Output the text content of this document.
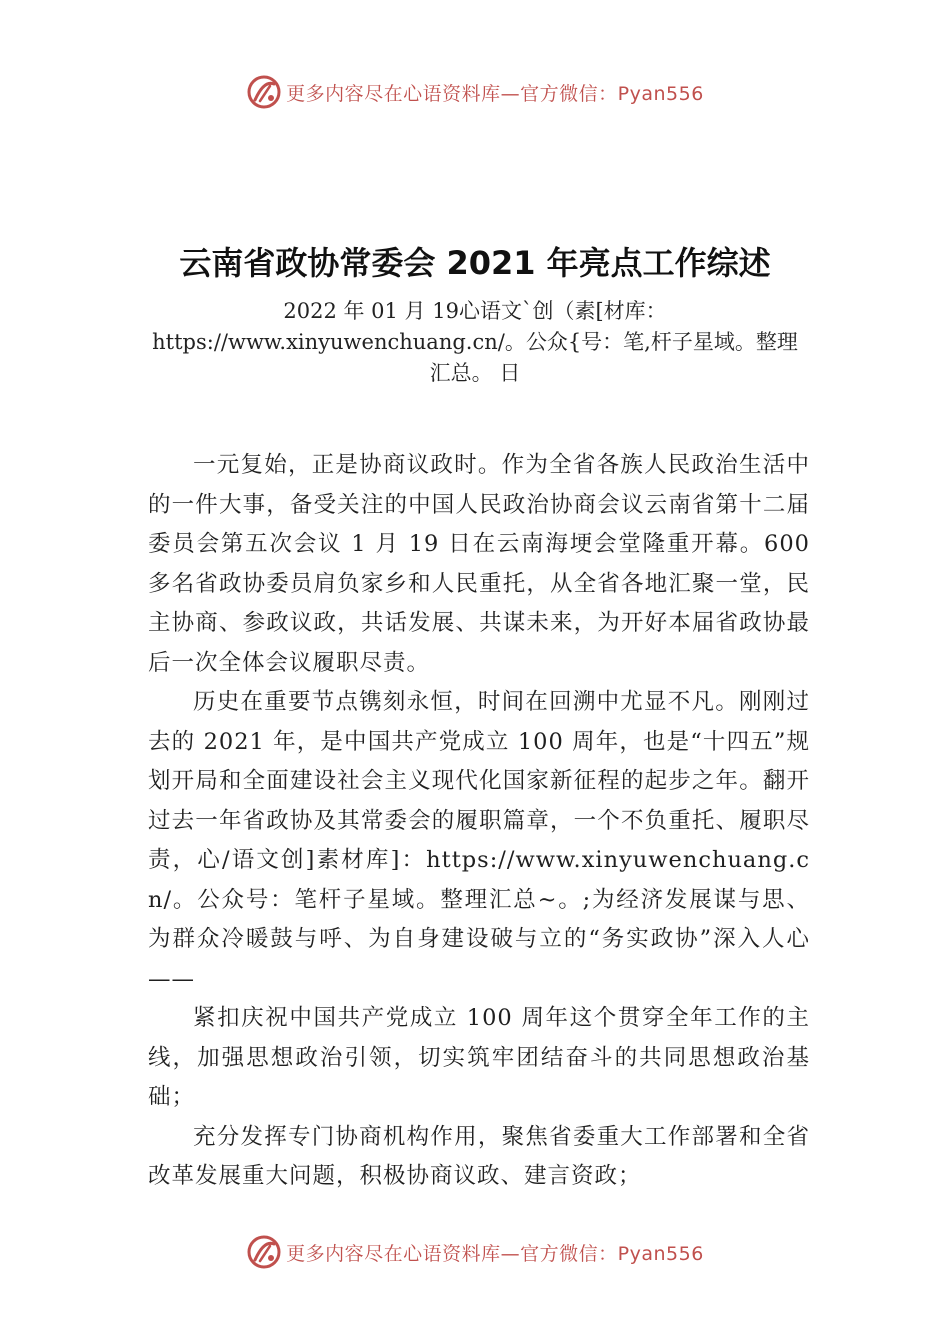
更多内容尽在心语资料库—官方微信：Pyan556
云南省政协常委会 2021 年亮点工作综述
2022 年 01 月 19心语文`创（素[材库：https://www.xinyuwenchuang.cn/。公众{号：笔,杆子星域。整理汇总。 日

一元复始，正是协商议政时。作为全省各族人民政治生活中的一件大事，备受关注的中国人民政治协商会议云南省第十二届委员会第五次会议 1 月 19 日在云南海埂会堂隆重开幕。600 多名省政协委员肩负家乡和人民重托，从全省各地汇聚一堂，民主协商、参政议政，共话发展、共谋未来，为开好本届省政协最后一次全体会议履职尽责。

历史在重要节点镌刻永恒，时间在回溯中尤显不凡。刚刚过去的 2021 年，是中国共产党成立 100 周年，也是“十四五”规划开局和全面建设社会主义现代化国家新征程的起步之年。翻开过去一年省政协及其常委会的履职篇章，一个不负重托、履职尽责，心/语文创]素材库]：https://www.xinyuwenchuang.cn/。公众号：笔杆子星域。整理汇总~。;为经济发展谋与思、为群众冷暖鼓与呼、为自身建设破与立的“务实政协”深入人心——

紧扣庆祝中国共产党成立 100 周年这个贯穿全年工作的主线，加强思想政治引领，切实筑牢团结奋斗的共同思想政治基础；

充分发挥专门协商机构作用，聚焦省委重大工作部署和全省改革发展重大问题，积极协商议政、建言资政；

更多内容尽在心语资料库—官方微信：Pyan556
